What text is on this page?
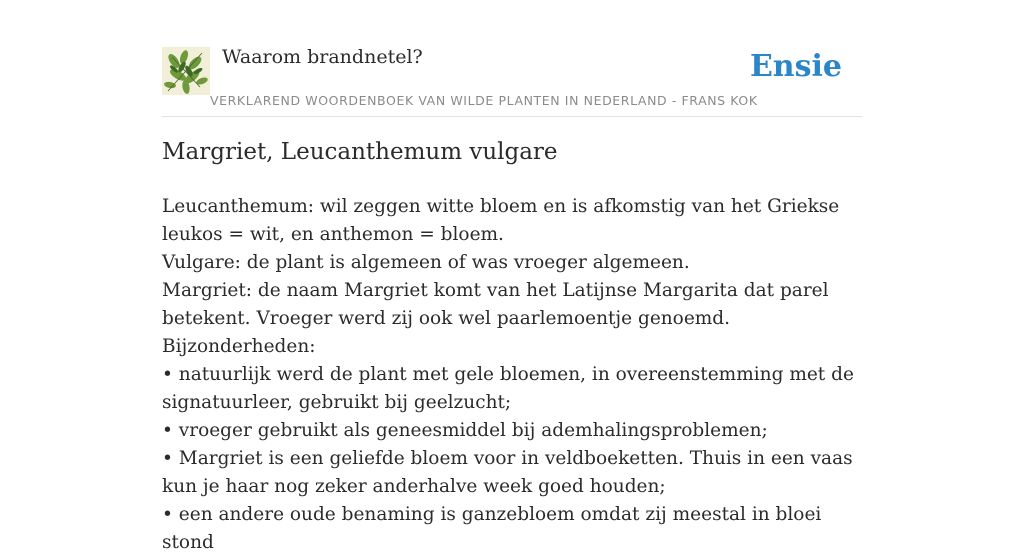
Waarom brandnetel?
VERKLAREND WOORDENBOEK VAN WILDE PLANTEN IN NEDERLAND - FRANS KOK
Ensie
Margriet, Leucanthemum vulgare

Leucanthemum: wil zeggen witte bloem en is afkomstig van het Griekse leukos = wit, en anthemon = bloem.

Vulgare: de plant is algemeen of was vroeger algemeen.

Margriet: de naam Margriet komt van het Latijnse Margarita dat parel betekent. Vroeger werd zij ook wel paarlemoentje genoemd.

Bijzonderheden:

• natuurlijk werd de plant met gele bloemen, in overeenstemming met de signatuurleer, gebruikt bij geelzucht;

• vroeger gebruikt als geneesmiddel bij ademhalingsproblemen;

• Margriet is een geliefde bloem voor in veldboeketten. Thuis in een vaas kun je haar nog zeker anderhalve week goed houden;

• een andere oude benaming is ganzebloem omdat zij meestal in bloei stond
